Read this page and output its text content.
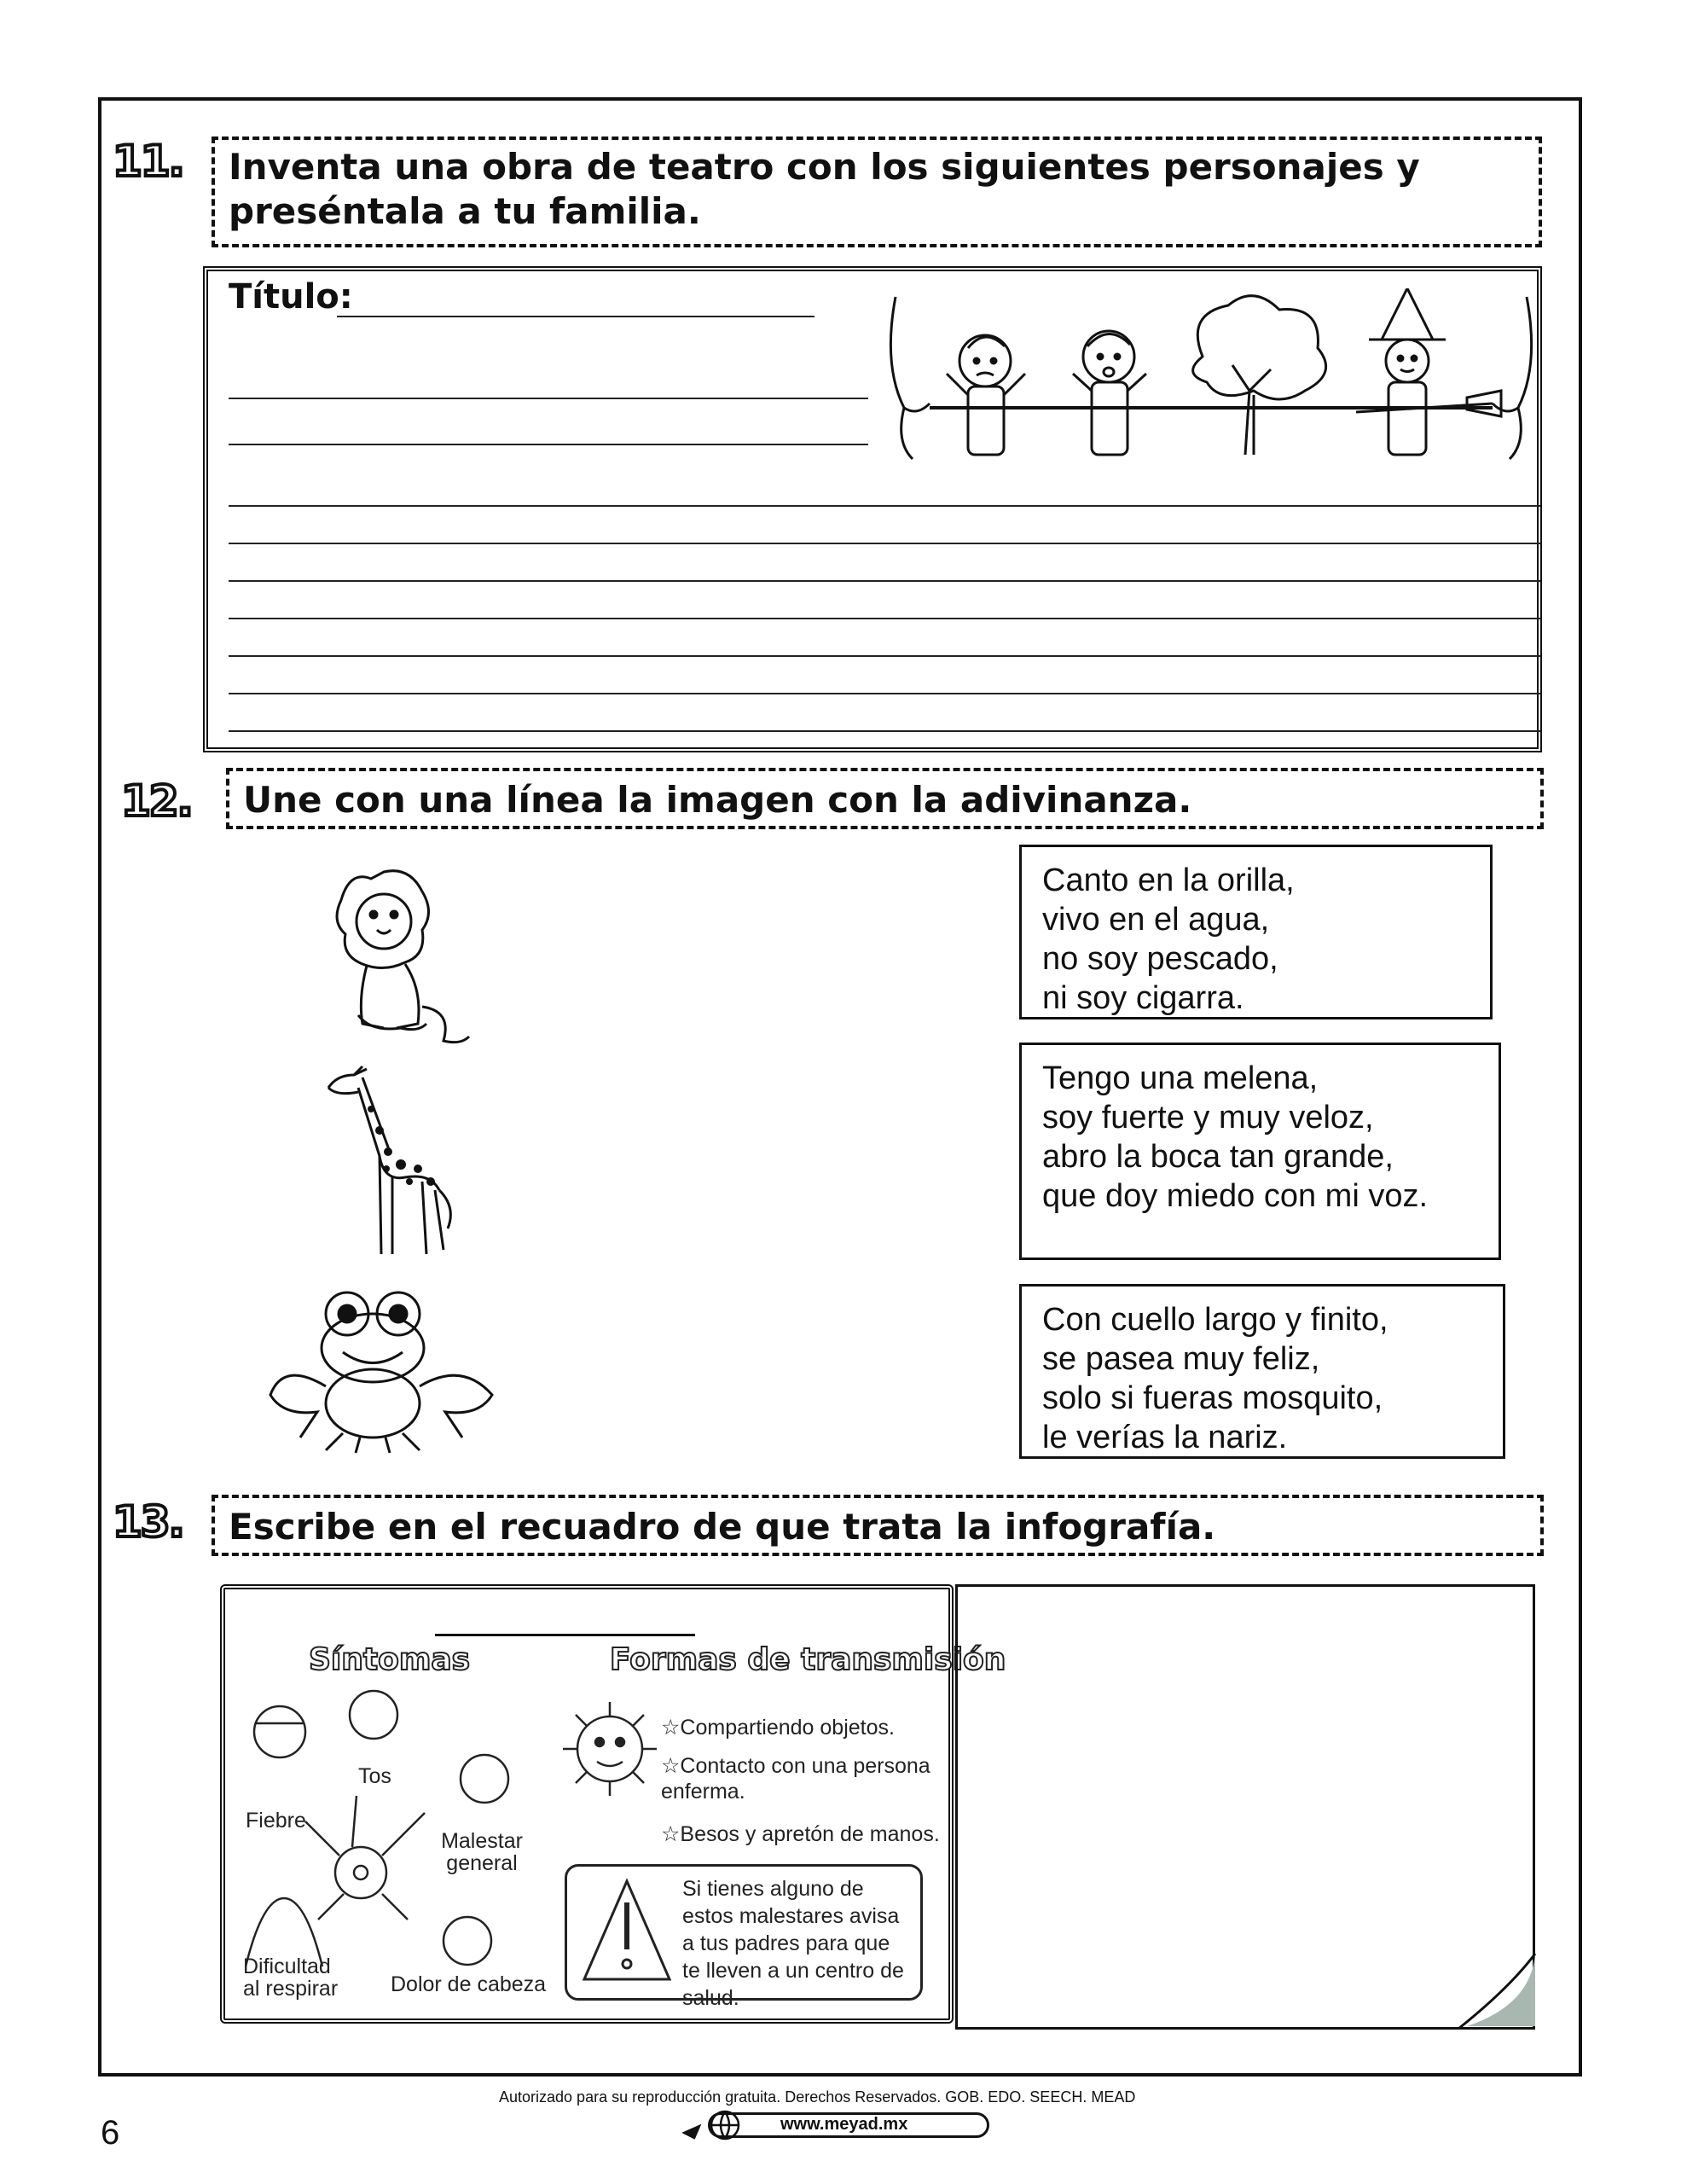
11.	Inventa una obra de teatro con los siguientes personajes y preséntala a tu familia.
Título:
12.	Une con una línea la imagen con la adivinanza.
Canto en la orilla,
vivo en el agua,
no soy pescado,
ni soy cigarra.
Tengo una melena,
soy fuerte y muy veloz,
abro la boca tan grande,
que doy miedo con mi voz.
Con cuello largo y finito,
se pasea muy feliz,
solo si fueras mosquito,
le verías la nariz.
13.	Escribe en el recuadro de que trata la infografía.
Síntomas	Formas de transmisión
Fiebre
Tos
Malestar general
Dificultad al respirar	Dolor de cabeza
☆Compartiendo objetos.
☆Contacto con una persona enferma.
☆Besos y apretón de manos.
Si tienes alguno de estos malestares avisa a tus padres para que te lleven a un centro de salud.
6
Autorizado para su reproducción gratuita. Derechos Reservados. GOB. EDO. SEECH. MEAD
www.meyad.mx
